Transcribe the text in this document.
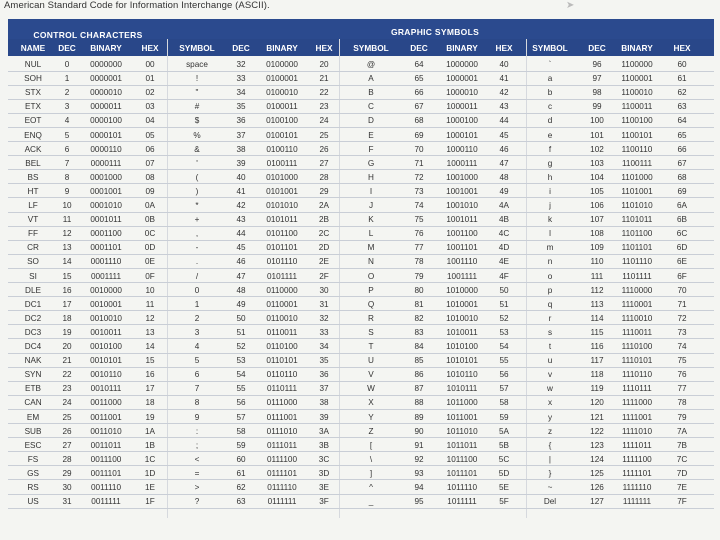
American Standard Code for Information Interchange (ASCII).	➤
CONTROL CHARACTERS	GRAPHIC SYMBOLS
NAME	DEC	BINARY	HEX	SYMBOL	DEC	BINARY	HEX	SYMBOL	DEC	BINARY	HEX	SYMBOL	DEC	BINARY	HEX
NUL	0	0000000	00	space	32	0100000	20	@	64	1000000	40	`	96	1100000	60
SOH	1	0000001	01	!	33	0100001	21	A	65	1000001	41	a	97	1100001	61
STX	2	0000010	02	"	34	0100010	22	B	66	1000010	42	b	98	1100010	62
ETX	3	0000011	03	#	35	0100011	23	C	67	1000011	43	c	99	1100011	63
EOT	4	0000100	04	$	36	0100100	24	D	68	1000100	44	d	100	1100100	64
ENQ	5	0000101	05	%	37	0100101	25	E	69	1000101	45	e	101	1100101	65
ACK	6	0000110	06	&	38	0100110	26	F	70	1000110	46	f	102	1100110	66
BEL	7	0000111	07	'	39	0100111	27	G	71	1000111	47	g	103	1100111	67
BS	8	0001000	08	(	40	0101000	28	H	72	1001000	48	h	104	1101000	68
HT	9	0001001	09	)	41	0101001	29	I	73	1001001	49	i	105	1101001	69
LF	10	0001010	0A	*	42	0101010	2A	J	74	1001010	4A	j	106	1101010	6A
VT	11	0001011	0B	+	43	0101011	2B	K	75	1001011	4B	k	107	1101011	6B
FF	12	0001100	0C	,	44	0101100	2C	L	76	1001100	4C	l	108	1101100	6C
CR	13	0001101	0D	-	45	0101101	2D	M	77	1001101	4D	m	109	1101101	6D
SO	14	0001110	0E	.	46	0101110	2E	N	78	1001110	4E	n	110	1101110	6E
SI	15	0001111	0F	/	47	0101111	2F	O	79	1001111	4F	o	111	1101111	6F
DLE	16	0010000	10	0	48	0110000	30	P	80	1010000	50	p	112	1110000	70
DC1	17	0010001	11	1	49	0110001	31	Q	81	1010001	51	q	113	1110001	71
DC2	18	0010010	12	2	50	0110010	32	R	82	1010010	52	r	114	1110010	72
DC3	19	0010011	13	3	51	0110011	33	S	83	1010011	53	s	115	1110011	73
DC4	20	0010100	14	4	52	0110100	34	T	84	1010100	54	t	116	1110100	74
NAK	21	0010101	15	5	53	0110101	35	U	85	1010101	55	u	117	1110101	75
SYN	22	0010110	16	6	54	0110110	36	V	86	1010110	56	v	118	1110110	76
ETB	23	0010111	17	7	55	0110111	37	W	87	1010111	57	w	119	1110111	77
CAN	24	0011000	18	8	56	0111000	38	X	88	1011000	58	x	120	1111000	78
EM	25	0011001	19	9	57	0111001	39	Y	89	1011001	59	y	121	1111001	79
SUB	26	0011010	1A	:	58	0111010	3A	Z	90	1011010	5A	z	122	1111010	7A
ESC	27	0011011	1B	;	59	0111011	3B	[	91	1011011	5B	{	123	1111011	7B
FS	28	0011100	1C	<	60	0111100	3C	\	92	1011100	5C	|	124	1111100	7C
GS	29	0011101	1D	=	61	0111101	3D	]	93	1011101	5D	}	125	1111101	7D
RS	30	0011110	1E	>	62	0111110	3E	^	94	1011110	5E	~	126	1111110	7E
US	31	0011111	1F	?	63	0111111	3F	_	95	1011111	5F	Del	127	1111111	7F
